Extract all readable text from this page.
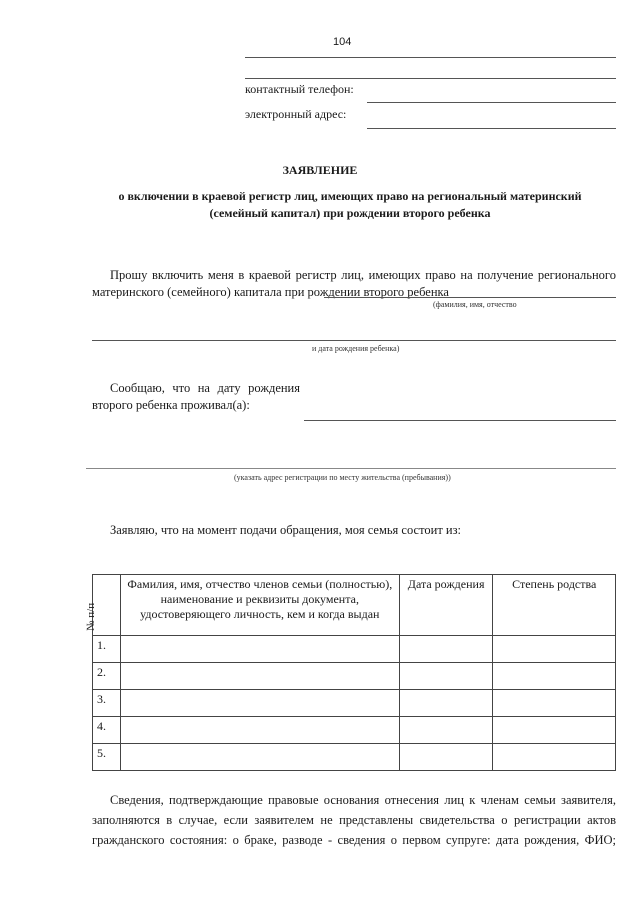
104
контактный телефон:
электронный адрес:
ЗАЯВЛЕНИЕ
о включении в краевой регистр лиц, имеющих право на региональный материнский
(семейный капитал) при рождении второго ребенка
Прошу включить меня в краевой регистр лиц, имеющих право на получение регионального
материнского (семейного) капитала при рождении второго ребенка
(фамилия, имя, отчество
и дата рождения ребенка)
Сообщаю, что на дату рождения
второго ребенка проживал(а):
(указать адрес регистрации по месту жительства (пребывания))
Заявляю, что на момент подачи обращения, моя семья состоит из:
№ п/п	Фамилия, имя, отчество членов семьи (полностью), наименование и реквизиты документа, удостоверяющего личность, кем и когда выдан	Дата рождения	Степень родства
1.			
2.			
3.			
4.			
5.			
Сведения, подтверждающие правовые основания отнесения лиц к членам семьи заявителя,
заполняются в случае, если заявителем не представлены свидетельства о регистрации актов
гражданского состояния: о браке, разводе - сведения о первом супруге: дата рождения, ФИО;
